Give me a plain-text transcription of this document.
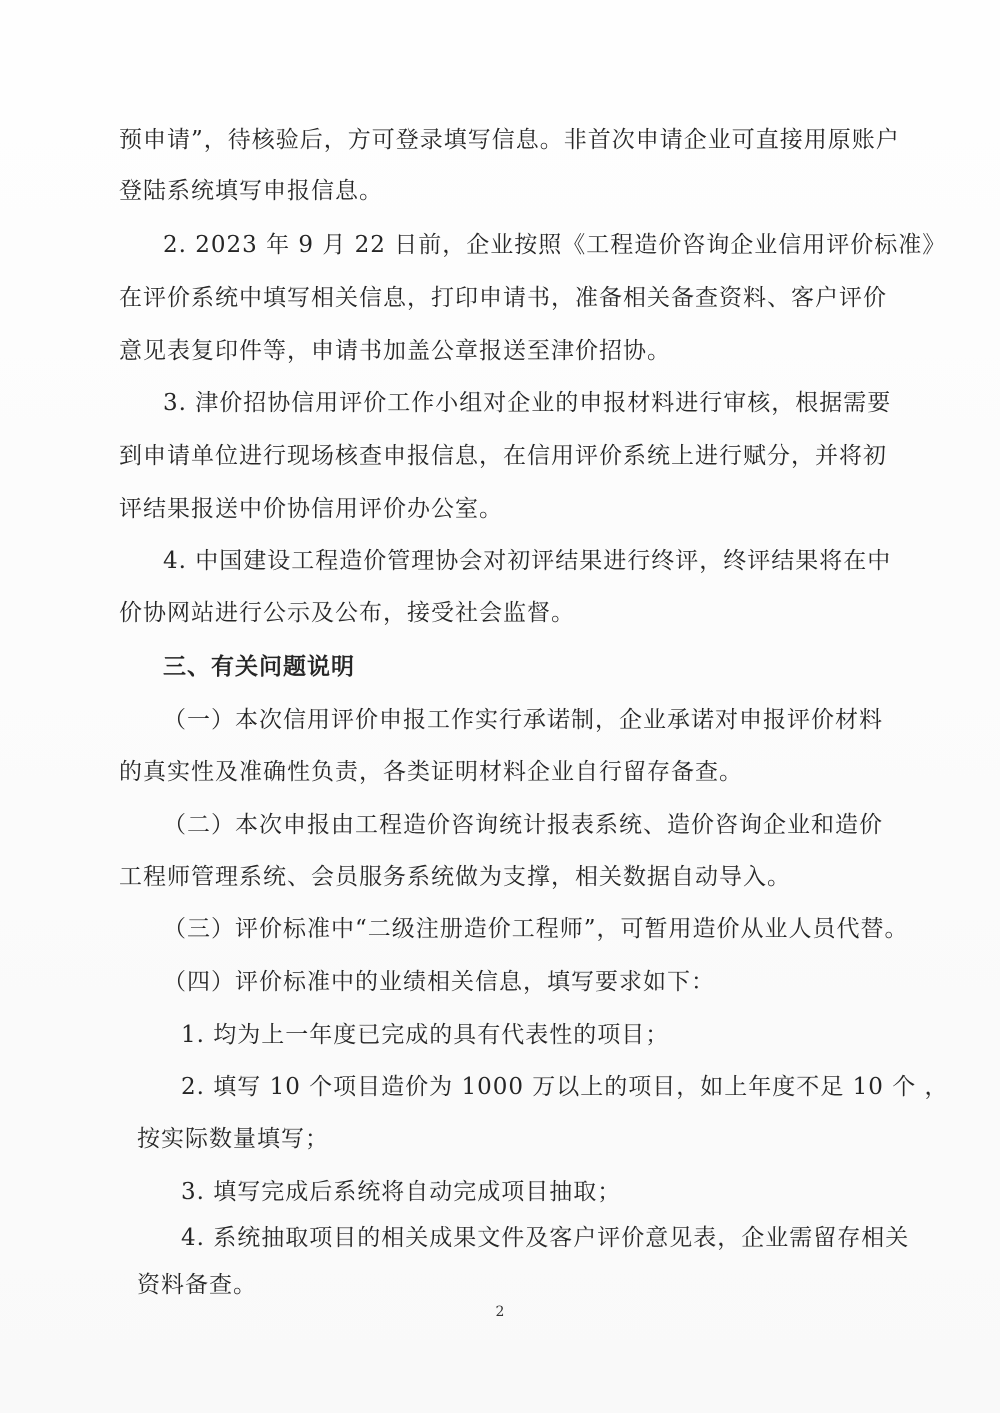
预申请”，待核验后，方可登录填写信息。非首次申请企业可直接用原账户
登陆系统填写申报信息。
2. 2023 年 9 月 22 日前，企业按照《工程造价咨询企业信用评价标准》
在评价系统中填写相关信息，打印申请书，准备相关备查资料、客户评价
意见表复印件等，申请书加盖公章报送至津价招协。
3. 津价招协信用评价工作小组对企业的申报材料进行审核，根据需要
到申请单位进行现场核查申报信息，在信用评价系统上进行赋分，并将初
评结果报送中价协信用评价办公室。
4. 中国建设工程造价管理协会对初评结果进行终评，终评结果将在中
价协网站进行公示及公布，接受社会监督。
三、有关问题说明
（一）本次信用评价申报工作实行承诺制，企业承诺对申报评价材料
的真实性及准确性负责，各类证明材料企业自行留存备查。
（二）本次申报由工程造价咨询统计报表系统、造价咨询企业和造价
工程师管理系统、会员服务系统做为支撑，相关数据自动导入。
（三）评价标准中“二级注册造价工程师”，可暂用造价从业人员代替。
（四）评价标准中的业绩相关信息，填写要求如下：
1. 均为上一年度已完成的具有代表性的项目；
2. 填写 10 个项目造价为 1000 万以上的项目，如上年度不足 10 个 ，
按实际数量填写；
3. 填写完成后系统将自动完成项目抽取；
4. 系统抽取项目的相关成果文件及客户评价意见表，企业需留存相关
资料备查。
2
